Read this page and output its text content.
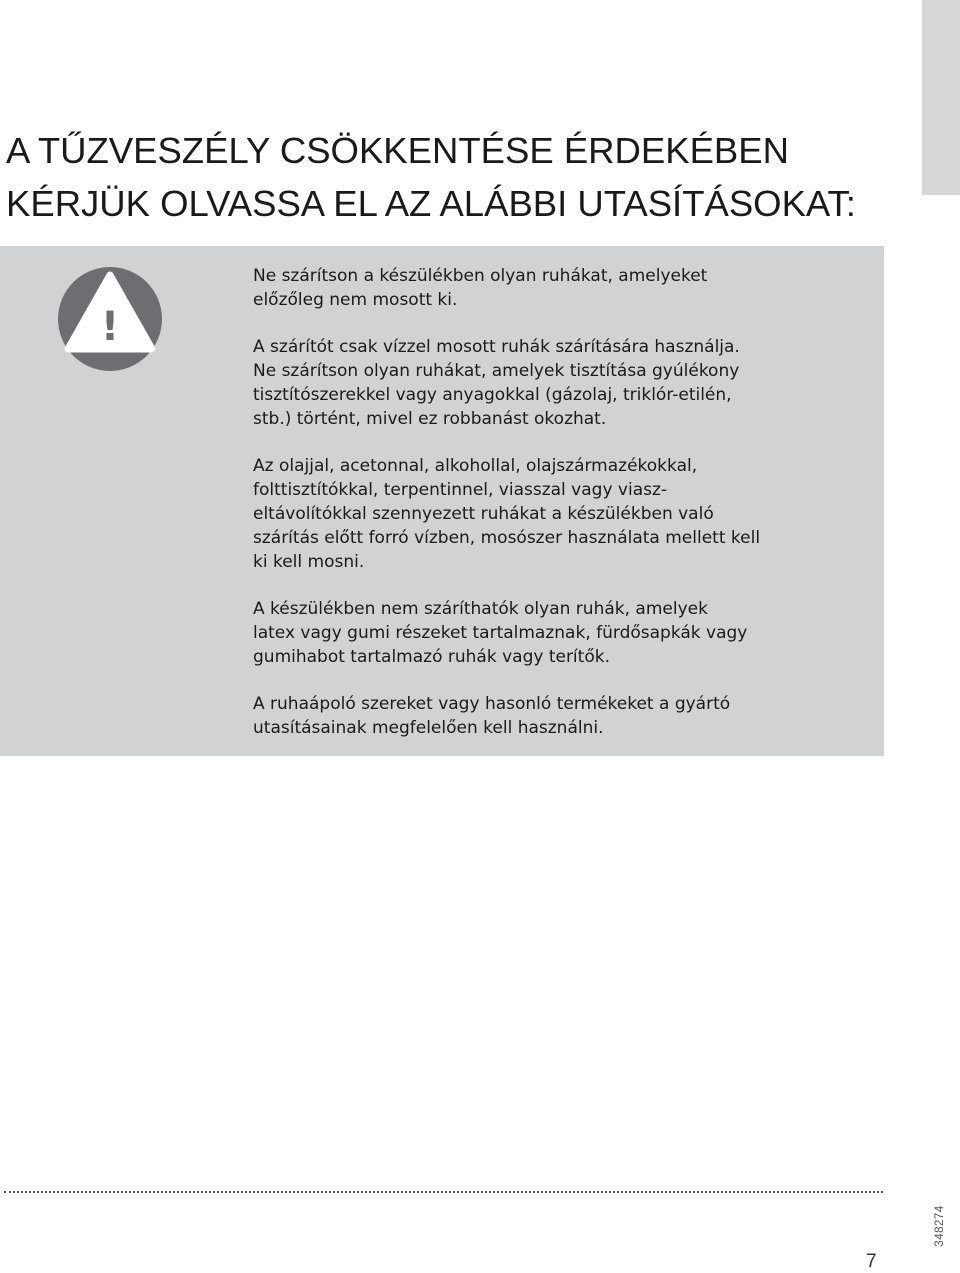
A TŰZVESZÉLY CSÖKKENTÉSE ÉRDEKÉBEN
KÉRJÜK OLVASSA EL AZ ALÁBBI UTASÍTÁSOKAT:
!

Ne szárítson a készülékben olyan ruhákat, amelyeket
előzőleg nem mosott ki.

A szárítót csak vízzel mosott ruhák szárítására használja.
Ne szárítson olyan ruhákat, amelyek tisztítása gyúlékony
tisztítószerekkel vagy anyagokkal (gázolaj, triklór-etilén,
stb.) történt, mivel ez robbanást okozhat.

Az olajjal, acetonnal, alkohollal, olajszármazékokkal,
folttisztítókkal, terpentinnel, viasszal vagy viasz-
eltávolítókkal szennyezett ruhákat a készülékben való
szárítás előtt forró vízben, mosószer használata mellett kell
ki kell mosni.

A készülékben nem száríthatók olyan ruhák, amelyek
latex vagy gumi részeket tartalmaznak, fürdősapkák vagy
gumihabot tartalmazó ruhák vagy terítők.

A ruhaápoló szereket vagy hasonló termékeket a gyártó
utasításainak megfelelően kell használni.

7
348274
